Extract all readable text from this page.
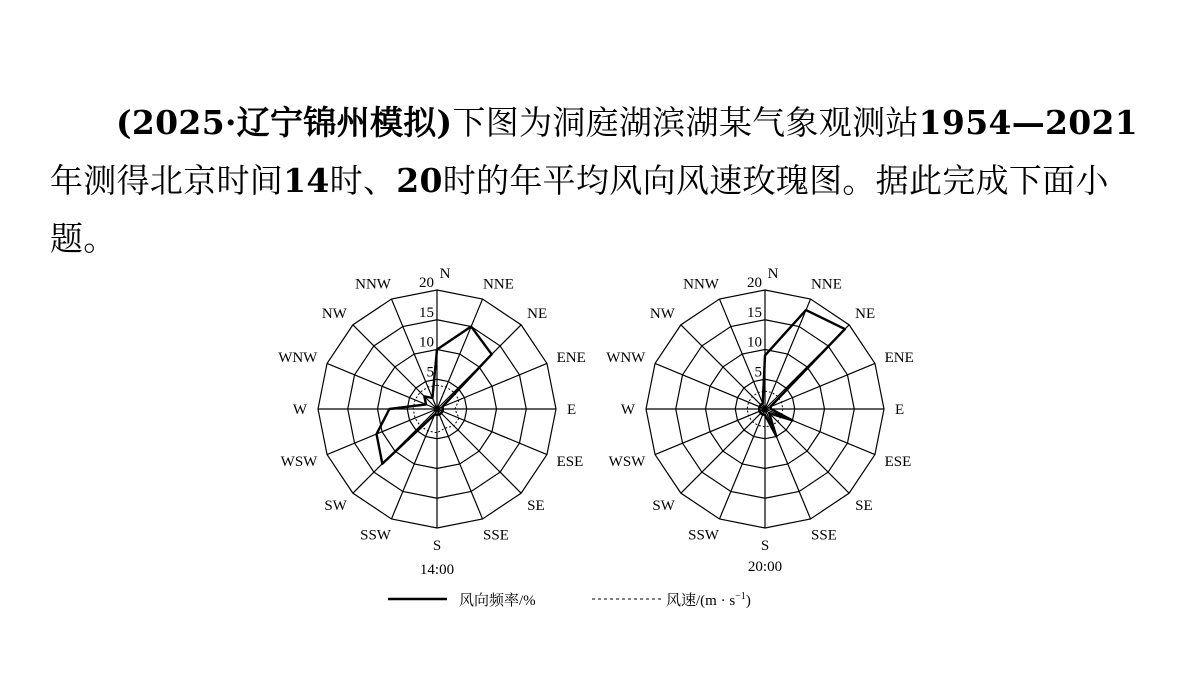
(2025·辽宁锦州模拟)下图为洞庭湖滨湖某气象观测站1954—2021年测得北京时间14时、20时的年平均风向风速玫瑰图。据此完成下面小题。
N
NNE
NE
ENE
E
ESE
SE
SSE
S
SSW
SW
WSW
W
WNW
NW
NNW
5
10
15
20
14:00
N
NNE
NE
ENE
E
ESE
SE
SSE
S
SSW
SW
WSW
W
WNW
NW
NNW
5
10
15
20
20:00
风向频率/%	风速$/(m \cdot s^{-1})$
